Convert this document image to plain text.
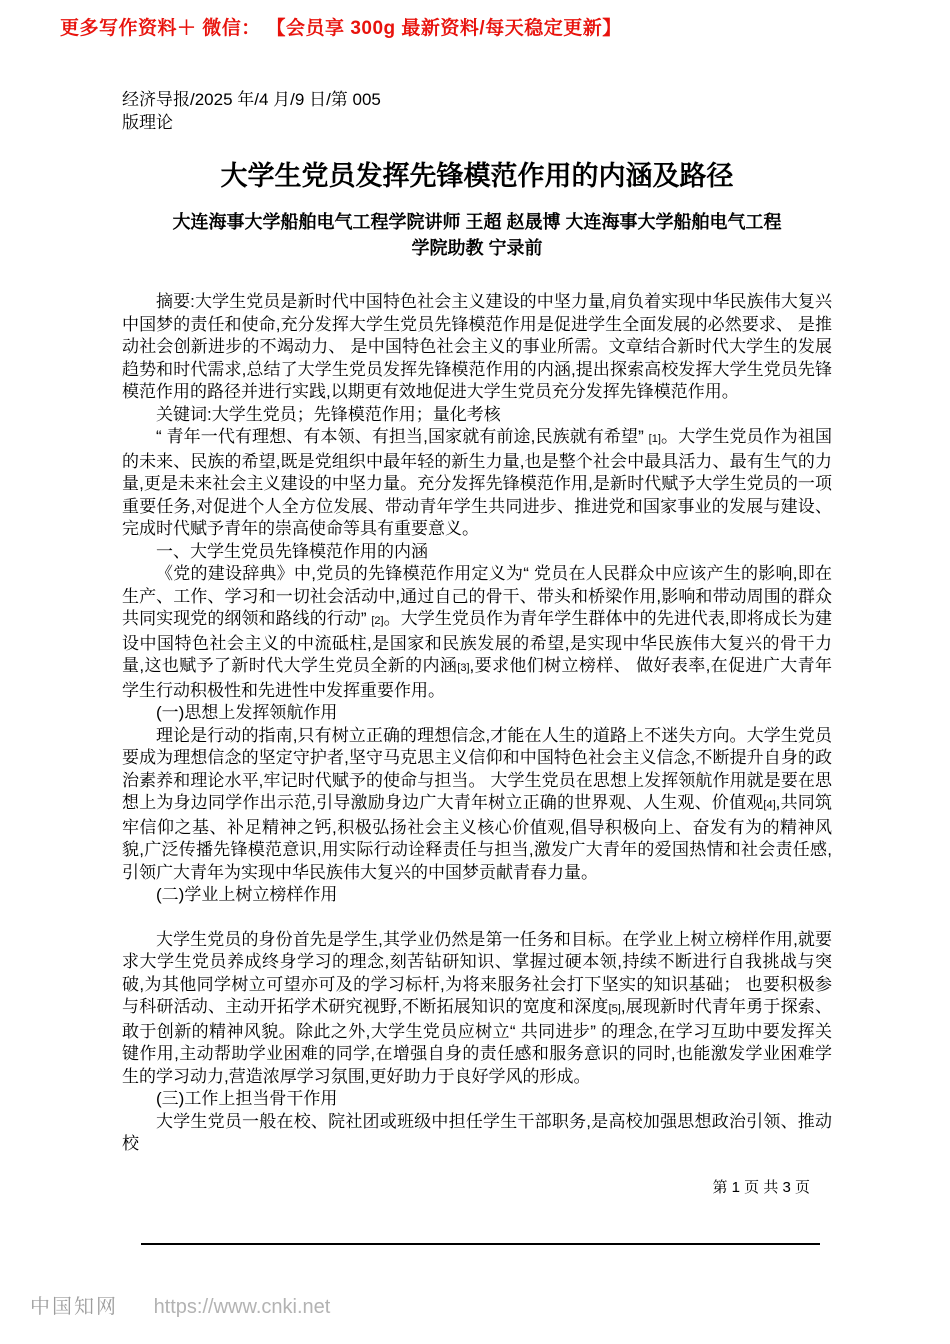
更多写作资料＋ 微信： 【会员享 300g 最新资料/每天稳定更新】
经济导报/2025 年/4 月/9 日/第 005
版理论
大学生党员发挥先锋模范作用的内涵及路径
大连海事大学船舶电气工程学院讲师 王超 赵晟博 大连海事大学船舶电气工程
学院助教 宁录前

摘要:大学生党员是新时代中国特色社会主义建设的中坚力量,肩负着实现中华民族伟大复兴中国梦的责任和使命,充分发挥大学生党员先锋模范作用是促进学生全面发展的必然要求、 是推动社会创新进步的不竭动力、 是中国特色社会主义的事业所需。文章结合新时代大学生的发展趋势和时代需求,总结了大学生党员发挥先锋模范作用的内涵,提出探索高校发挥大学生党员先锋模范作用的路径并进行实践,以期更有效地促进大学生党员充分发挥先锋模范作用。

关键词:大学生党员；先锋模范作用；量化考核

“ 青年一代有理想、有本领、有担当,国家就有前途,民族就有希望” [1]。大学生党员作为祖国的未来、民族的希望,既是党组织中最年轻的新生力量,也是整个社会中最具活力、最有生气的力量,更是未来社会主义建设的中坚力量。充分发挥先锋模范作用,是新时代赋予大学生党员的一项重要任务,对促进个人全方位发展、带动青年学生共同进步、推进党和国家事业的发展与建设、完成时代赋予青年的崇高使命等具有重要意义。

一、大学生党员先锋模范作用的内涵

《党的建设辞典》中,党员的先锋模范作用定义为“ 党员在人民群众中应该产生的影响,即在生产、工作、学习和一切社会活动中,通过自己的骨干、带头和桥梁作用,影响和带动周围的群众共同实现党的纲领和路线的行动” [2]。大学生党员作为青年学生群体中的先进代表,即将成长为建设中国特色社会主义的中流砥柱,是国家和民族发展的希望,是实现中华民族伟大复兴的骨干力量,这也赋予了新时代大学生党员全新的内涵[3],要求他们树立榜样、 做好表率,在促进广大青年学生行动积极性和先进性中发挥重要作用。

(一)思想上发挥领航作用

理论是行动的指南,只有树立正确的理想信念,才能在人生的道路上不迷失方向。大学生党员要成为理想信念的坚定守护者,坚守马克思主义信仰和中国特色社会主义信念,不断提升自身的政治素养和理论水平,牢记时代赋予的使命与担当。 大学生党员在思想上发挥领航作用就是要在思想上为身边同学作出示范,引导激励身边广大青年树立正确的世界观、人生观、价值观[4],共同筑牢信仰之基、补足精神之钙,积极弘扬社会主义核心价值观,倡导积极向上、奋发有为的精神风貌,广泛传播先锋模范意识,用实际行动诠释责任与担当,激发广大青年的爱国热情和社会责任感,引领广大青年为实现中华民族伟大复兴的中国梦贡献青春力量。

(二)学业上树立榜样作用

大学生党员的身份首先是学生,其学业仍然是第一任务和目标。在学业上树立榜样作用,就要求大学生党员养成终身学习的理念,刻苦钻研知识、掌握过硬本领,持续不断进行自我挑战与突破,为其他同学树立可望亦可及的学习标杆,为将来服务社会打下坚实的知识基础； 也要积极参与科研活动、主动开拓学术研究视野,不断拓展知识的宽度和深度[5],展现新时代青年勇于探索、敢于创新的精神风貌。除此之外,大学生党员应树立“ 共同进步” 的理念,在学习互助中要发挥关键作用,主动帮助学业困难的同学,在增强自身的责任感和服务意识的同时,也能激发学业困难学生的学习动力,营造浓厚学习氛围,更好助力于良好学风的形成。

(三)工作上担当骨干作用

大学生党员一般在校、院社团或班级中担任学生干部职务,是高校加强思想政治引领、推动校

第 1 页 共 3 页
中国知网 https://www.cnki.net
